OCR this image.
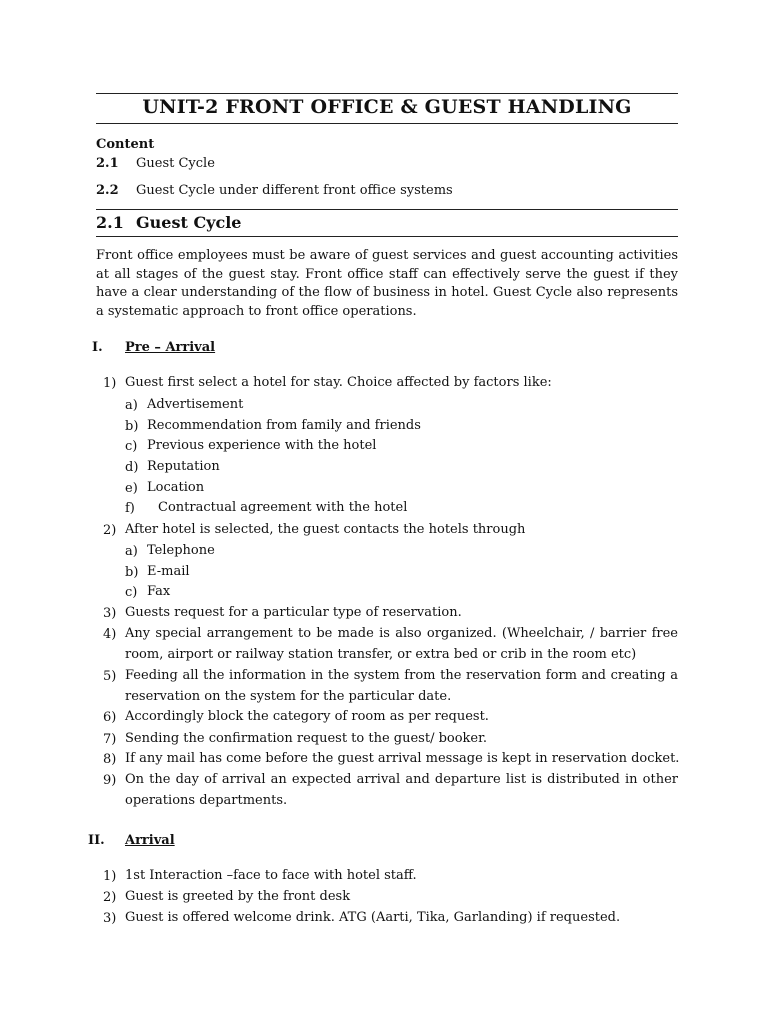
UNIT-2 FRONT OFFICE & GUEST HANDLING
Content
2.1 Guest Cycle
2.2 Guest Cycle under different front office systems
2.1 Guest Cycle
Front office employees must be aware of guest services and guest accounting activities at all stages of the guest stay. Front office staff can effectively serve the guest if they have a clear understanding of the flow of business in hotel. Guest Cycle also represents a systematic approach to front office operations.
I. Pre – Arrival
1) Guest first select a hotel for stay. Choice affected by factors like:
a) Advertisement
b) Recommendation from family and friends
c) Previous experience with the hotel
d) Reputation
e) Location
f) Contractual agreement with the hotel
2) After hotel is selected, the guest contacts the hotels through
a) Telephone
b) E-mail
c) Fax
3) Guests request for a particular type of reservation.
4) Any special arrangement to be made is also organized. (Wheelchair, / barrier free room, airport or railway station transfer, or extra bed or crib in the room etc)
5) Feeding all the information in the system from the reservation form and creating a reservation on the system for the particular date.
6) Accordingly block the category of room as per request.
7) Sending the confirmation request to the guest/ booker.
8) If any mail has come before the guest arrival message is kept in reservation docket.
9) On the day of arrival an expected arrival and departure list is distributed in other operations departments.
II. Arrival
1) 1st Interaction –face to face with hotel staff.
2) Guest is greeted by the front desk
3) Guest is offered welcome drink. ATG (Aarti, Tika, Garlanding) if requested.
